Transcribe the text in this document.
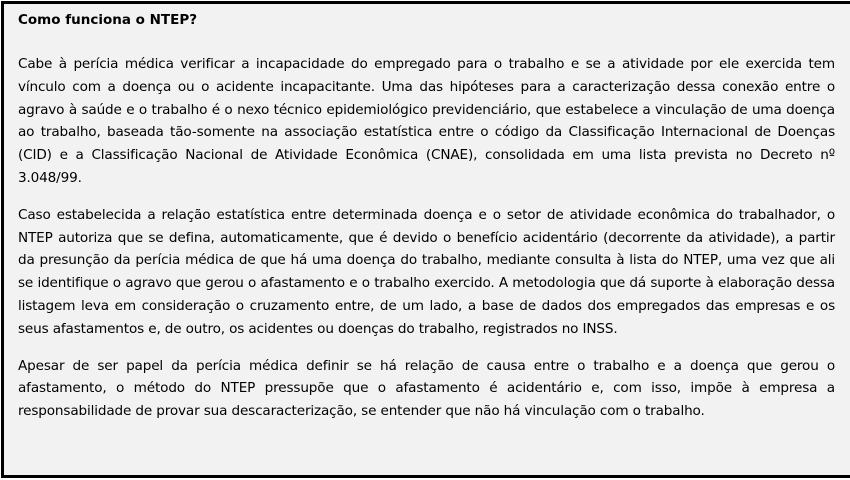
Como funciona o NTEP?

Cabe à perícia médica verificar a incapacidade do empregado para o trabalho e se a atividade por ele exercida tem vínculo com a doença ou o acidente incapacitante. Uma das hipóteses para a caracterização dessa conexão entre o agravo à saúde e o trabalho é o nexo técnico epidemiológico previdenciário, que estabelece a vinculação de uma doença ao trabalho, baseada tão-somente na associação estatística entre o código da Classificação Internacional de Doenças (CID) e a Classificação Nacional de Atividade Econômica (CNAE), consolidada em uma lista prevista no Decreto nº 3.048/99.

Caso estabelecida a relação estatística entre determinada doença e o setor de atividade econômica do trabalhador, o NTEP autoriza que se defina, automaticamente, que é devido o benefício acidentário (decorrente da atividade), a partir da presunção da perícia médica de que há uma doença do trabalho, mediante consulta à lista do NTEP, uma vez que ali se identifique o agravo que gerou o afastamento e o trabalho exercido. A metodologia que dá suporte à elaboração dessa listagem leva em consideração o cruzamento entre, de um lado, a base de dados dos empregados das empresas e os seus afastamentos e, de outro, os acidentes ou doenças do trabalho, registrados no INSS.

Apesar de ser papel da perícia médica definir se há relação de causa entre o trabalho e a doença que gerou o afastamento, o método do NTEP pressupõe que o afastamento é acidentário e, com isso, impõe à empresa a responsabilidade de provar sua descaracterização, se entender que não há vinculação com o trabalho.
